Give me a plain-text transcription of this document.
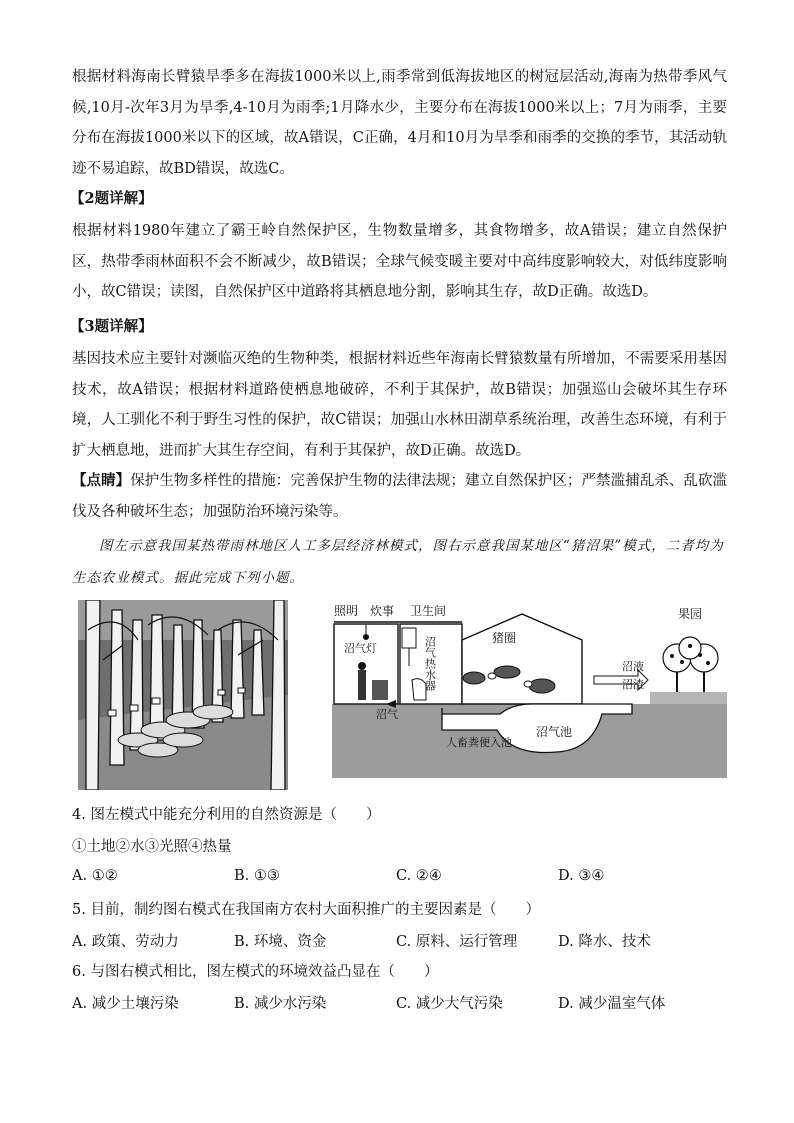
根据材料海南长臂猿旱季多在海拔1000米以上,雨季常到低海拔地区的树冠层活动,海南为热带季风气候,10月-次年3月为旱季,4-10月为雨季;1月降水少，主要分布在海拔1000米以上；7月为雨季，主要分布在海拔1000米以下的区域，故A错误，C正确，4月和10月为旱季和雨季的交换的季节，其活动轨迹不易追踪，故BD错误，故选C。

【2题详解】

根据材料1980年建立了霸王岭自然保护区，生物数量增多，其食物增多，故A错误；建立自然保护区，热带季雨林面积不会不断减少，故B错误；全球气候变暖主要对中高纬度影响较大，对低纬度影响小，故C错误；读图，自然保护区中道路将其栖息地分割，影响其生存，故D正确。故选D。

【3题详解】

基因技术应主要针对濒临灭绝的生物种类，根据材料近些年海南长臂猿数量有所增加，不需要采用基因技术，故A错误；根据材料道路使栖息地破碎，不利于其保护，故B错误；加强巡山会破坏其生存环境，人工驯化不利于野生习性的保护，故C错误；加强山水林田湖草系统治理，改善生态环境，有利于扩大栖息地，进而扩大其生存空间，有利于其保护，故D正确。故选D。

【点睛】保护生物多样性的措施：完善保护生物的法律法规；建立自然保护区；严禁滥捕乱杀、乱砍滥伐及各种破坏生态；加强防治环境污染等。

图左示意我国某热带雨林地区人工多层经济林模式，图右示意我国某地区“猪沼果”模式，二者均为生态农业模式。据此完成下列小题。

照明 炊事 卫生间
沼气灯	沼气热水器	猪圈
果园
沼液
沼渣
沼气
人畜粪便入池
沼气池

4. 图左模式中能充分利用的自然资源是（　　）

①土地②水③光照④热量

A. ①②	B. ①③	C. ②④	D. ③④

5. 目前，制约图右模式在我国南方农村大面积推广的主要因素是（　　）

A. 政策、劳动力	B. 环境、资金	C. 原料、运行管理	D. 降水、技术

6. 与图右模式相比，图左模式的环境效益凸显在（　　）

A. 减少土壤污染	B. 减少水污染	C. 减少大气污染	D. 减少温室气体
